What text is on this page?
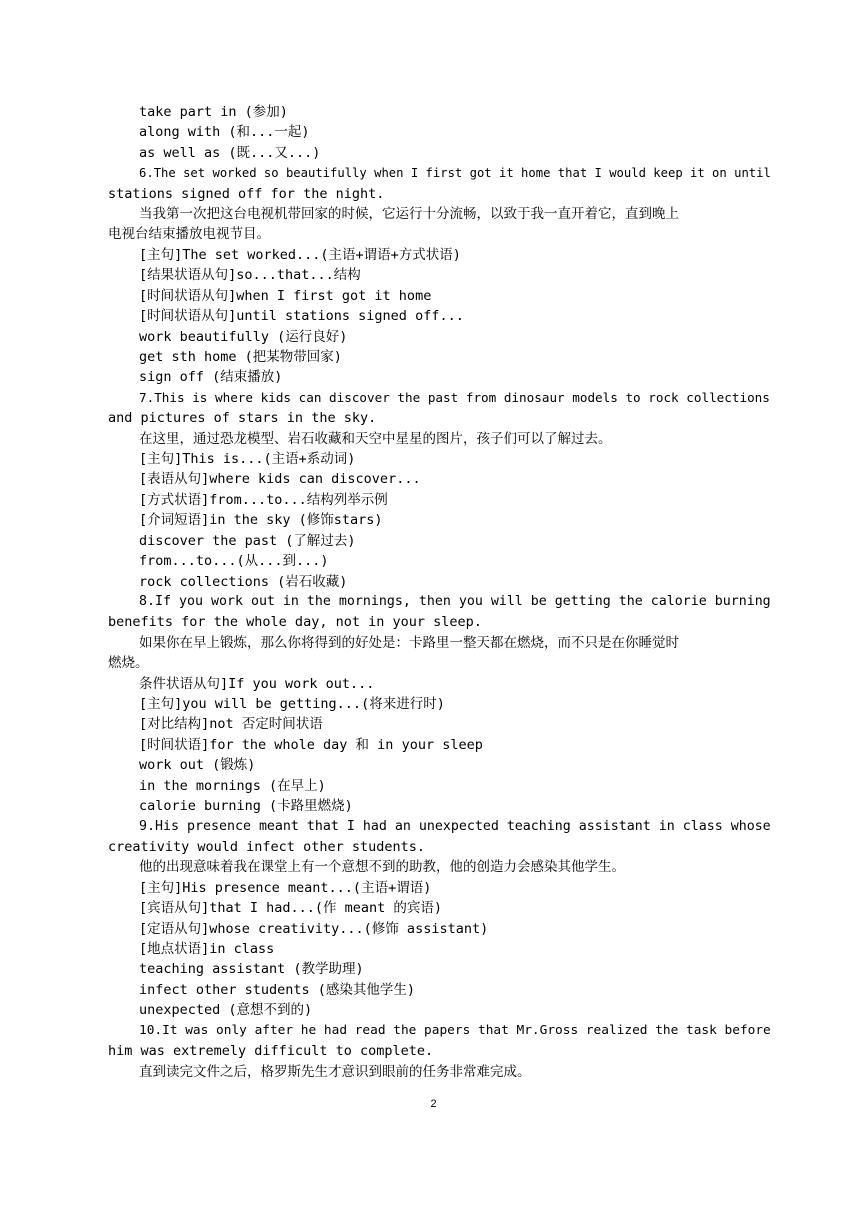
take part in (参加)
along with (和...一起)
as well as (既...又...)
6.The set worked so beautifully when I first got it home that I would keep it on until
stations signed off for the night.
当我第一次把这台电视机带回家的时候，它运行十分流畅，以致于我一直开着它，直到晚上
电视台结束播放电视节目。
[主句]The set worked...(主语+谓语+方式状语)
[结果状语从句]so...that...结构
[时间状语从句]when I first got it home
[时间状语从句]until stations signed off...
work beautifully (运行良好)
get sth home (把某物带回家)
sign off (结束播放)
7.This is where kids can discover the past from dinosaur models to rock collections
and pictures of stars in the sky.
在这里，通过恐龙模型、岩石收藏和天空中星星的图片，孩子们可以了解过去。
[主句]This is...(主语+系动词)
[表语从句]where kids can discover...
[方式状语]from...to...结构列举示例
[介词短语]in the sky (修饰stars)
discover the past (了解过去)
from...to...(从...到...)
rock collections (岩石收藏)
8.If you work out in the mornings, then you will be getting the calorie burning
benefits for the whole day, not in your sleep.
如果你在早上锻炼，那么你将得到的好处是：卡路里一整天都在燃烧，而不只是在你睡觉时
燃烧。
条件状语从句]If you work out...
[主句]you will be getting...(将来进行时)
[对比结构]not 否定时间状语
[时间状语]for the whole day 和 in your sleep
work out (锻炼)
in the mornings (在早上)
calorie burning (卡路里燃烧)
9.His presence meant that I had an unexpected teaching assistant in class whose
creativity would infect other students.
他的出现意味着我在课堂上有一个意想不到的助教，他的创造力会感染其他学生。
[主句]His presence meant...(主语+谓语)
[宾语从句]that I had...(作 meant 的宾语)
[定语从句]whose creativity...(修饰 assistant)
[地点状语]in class
teaching assistant (教学助理)
infect other students (感染其他学生)
unexpected (意想不到的)
10.It was only after he had read the papers that Mr.Gross realized the task before
him was extremely difficult to complete.
直到读完文件之后，格罗斯先生才意识到眼前的任务非常难完成。
2
